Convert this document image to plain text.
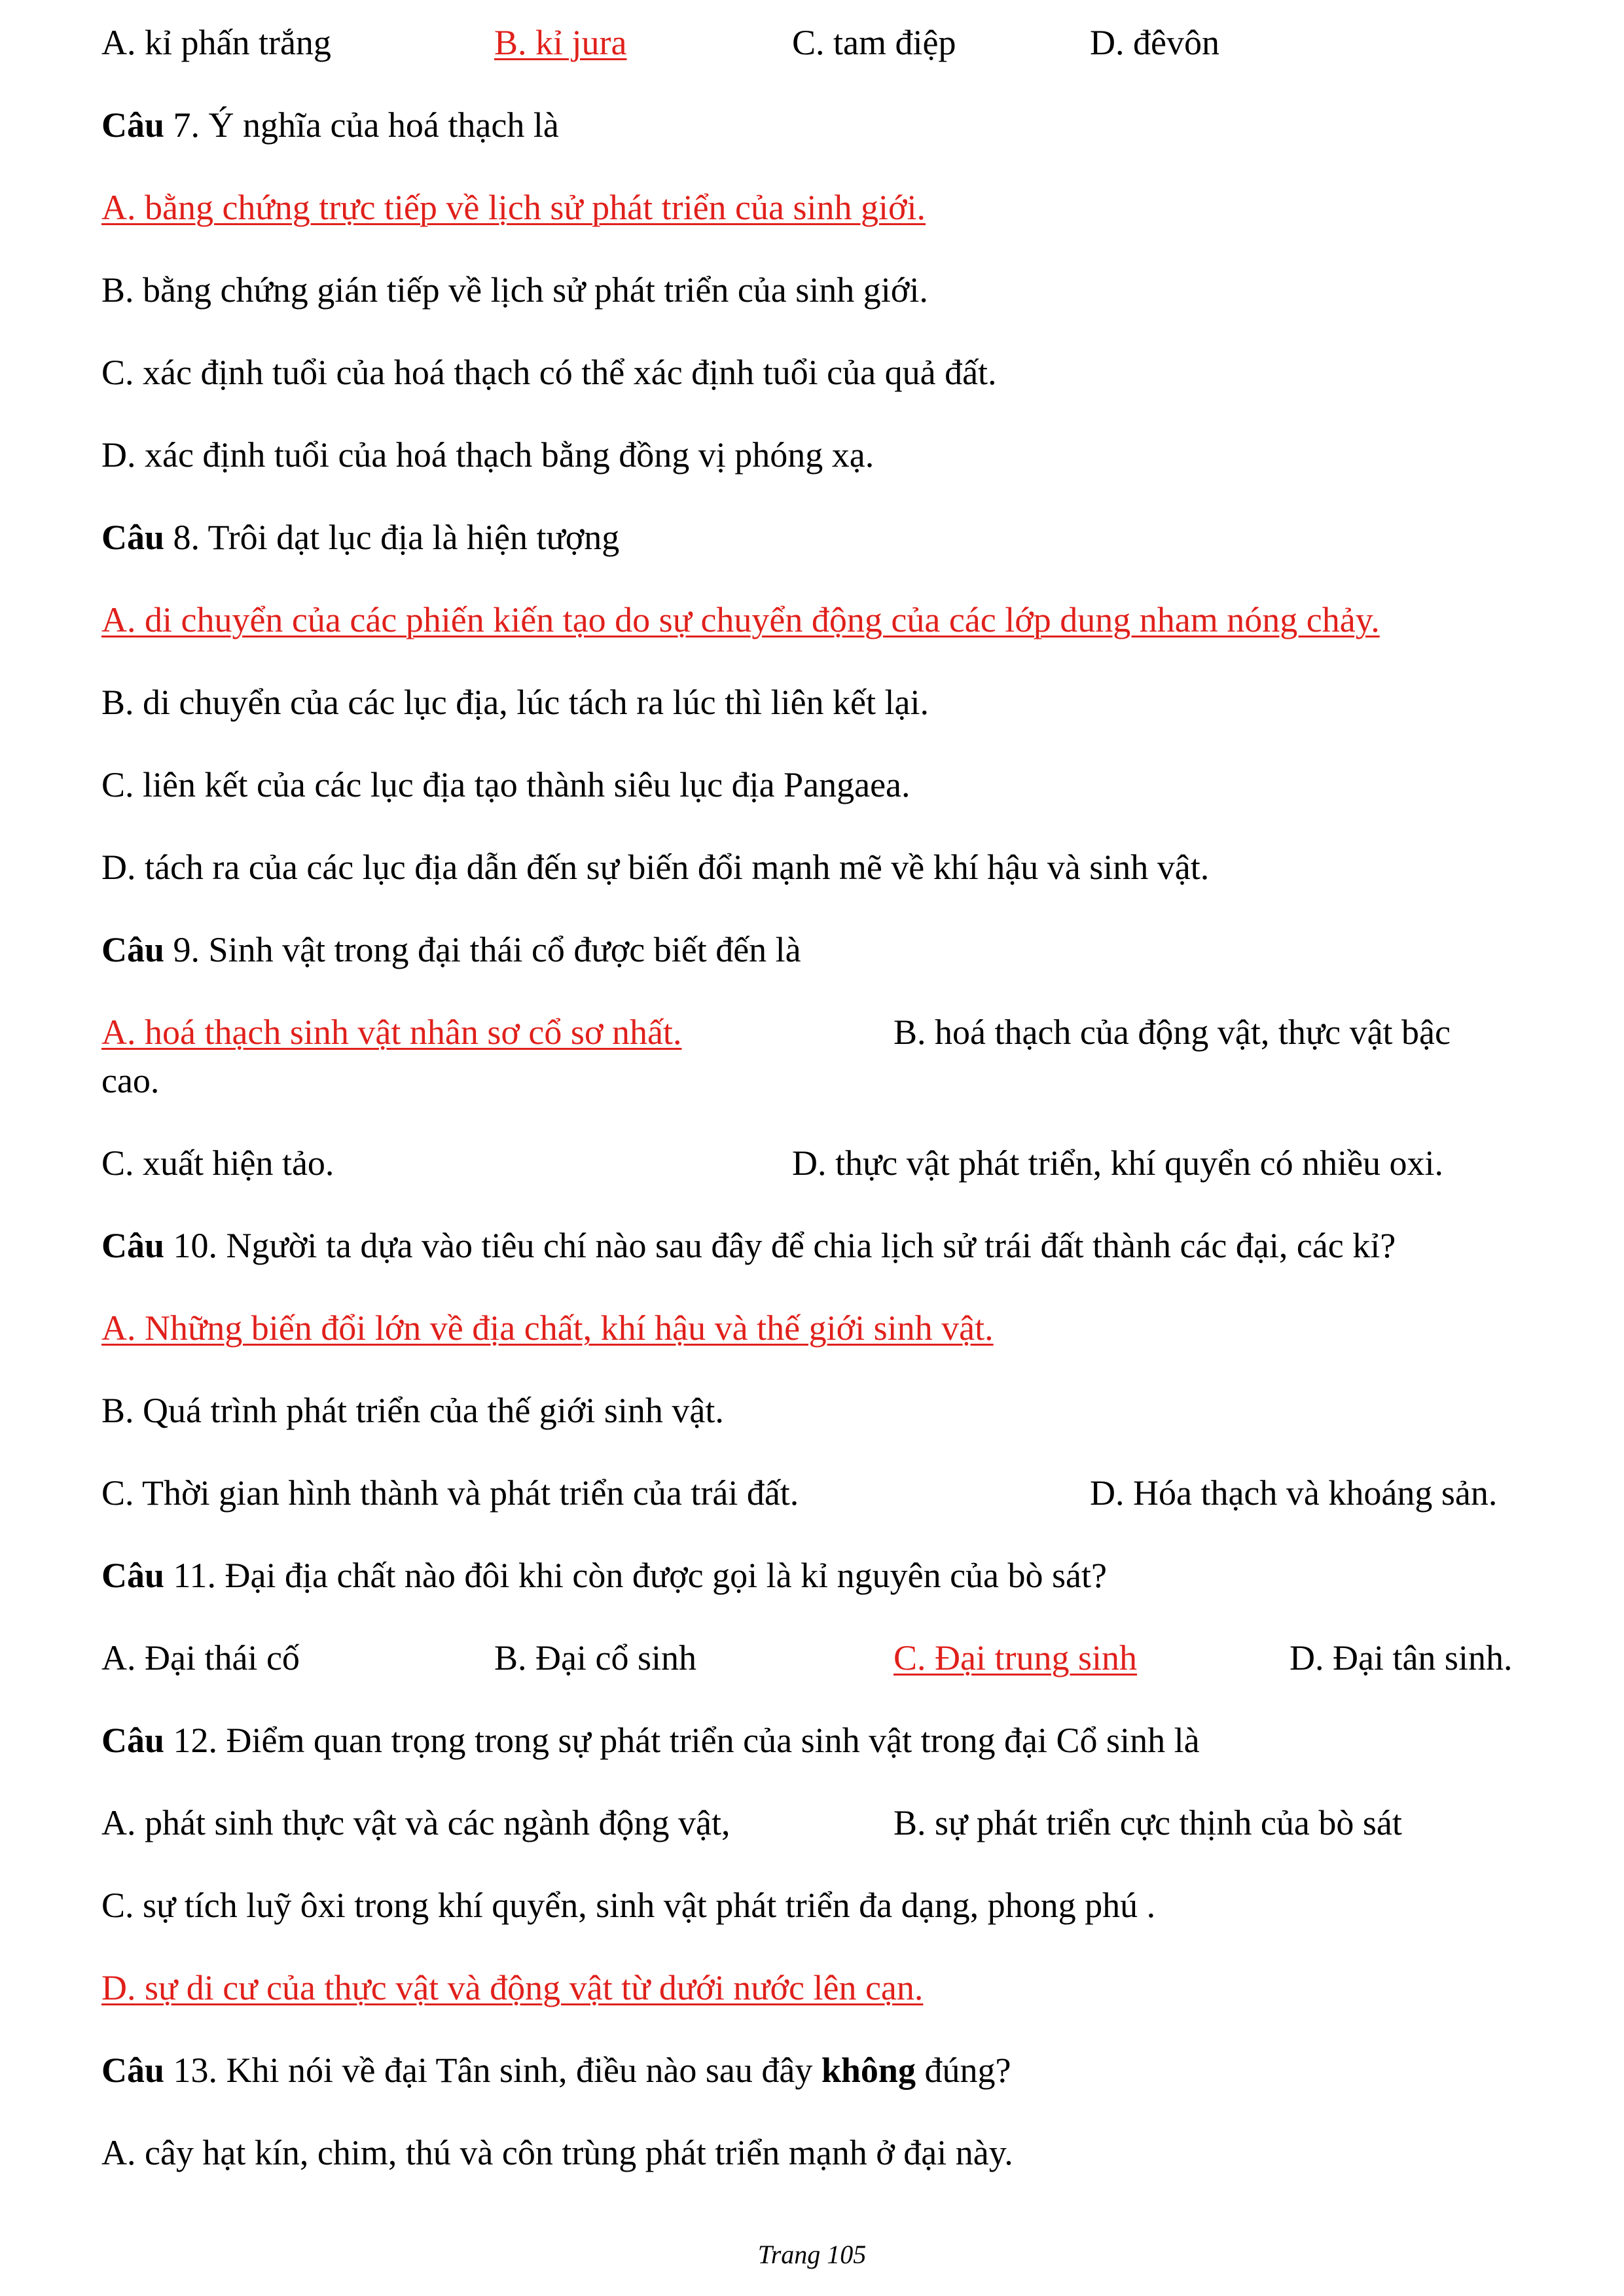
A. kỉ phấn trắng	B. kỉ jura	C. tam điệp	D. đêvôn
Câu 7. Ý nghĩa của hoá thạch là
A. bằng chứng trực tiếp về lịch sử phát triển của sinh giới.
B. bằng chứng gián tiếp về lịch sử phát triển của sinh giới.
C. xác định tuổi của hoá thạch có thể xác định tuổi của quả đất.
D. xác định tuổi của hoá thạch bằng đồng vị phóng xạ.
Câu 8. Trôi dạt lục địa là hiện tượng
A. di chuyển của các phiến kiến tạo do sự chuyển động của các lớp dung nham nóng chảy.
B. di chuyển của các lục địa, lúc tách ra lúc thì liên kết lại.
C. liên kết của các lục địa tạo thành siêu lục địa Pangaea.
D. tách ra của các lục địa dẫn đến sự biến đổi mạnh mẽ về khí hậu và sinh vật.
Câu 9. Sinh vật trong đại thái cổ được biết đến là
A. hoá thạch sinh vật nhân sơ cổ sơ nhất.	B. hoá thạch của động vật, thực vật bậc
cao.
C. xuất hiện tảo.	D. thực vật phát triển, khí quyển có nhiều oxi.
Câu 10. Người ta dựa vào tiêu chí nào sau đây để chia lịch sử trái đất thành các đại, các kỉ?
A. Những biến đổi lớn về địa chất, khí hậu và thế giới sinh vật.
B. Quá trình phát triển của thế giới sinh vật.
C. Thời gian hình thành và phát triển của trái đất.	D. Hóa thạch và khoáng sản.
Câu 11. Đại địa chất nào đôi khi còn được gọi là kỉ nguyên của bò sát?
A. Đại thái cố	B. Đại cổ sinh	C. Đại trung sinh	D. Đại tân sinh.
Câu 12. Điểm quan trọng trong sự phát triển của sinh vật trong đại Cổ sinh là
A. phát sinh thực vật và các ngành động vật,	B. sự phát triển cực thịnh của bò sát
C. sự tích luỹ ôxi trong khí quyển, sinh vật phát triển đa dạng, phong phú .
D. sự di cư của thực vật và động vật từ dưới nước lên cạn.
Câu 13. Khi nói về đại Tân sinh, điều nào sau đây không đúng?
A. cây hạt kín, chim, thú và côn trùng phát triển mạnh ở đại này.
Trang 105
